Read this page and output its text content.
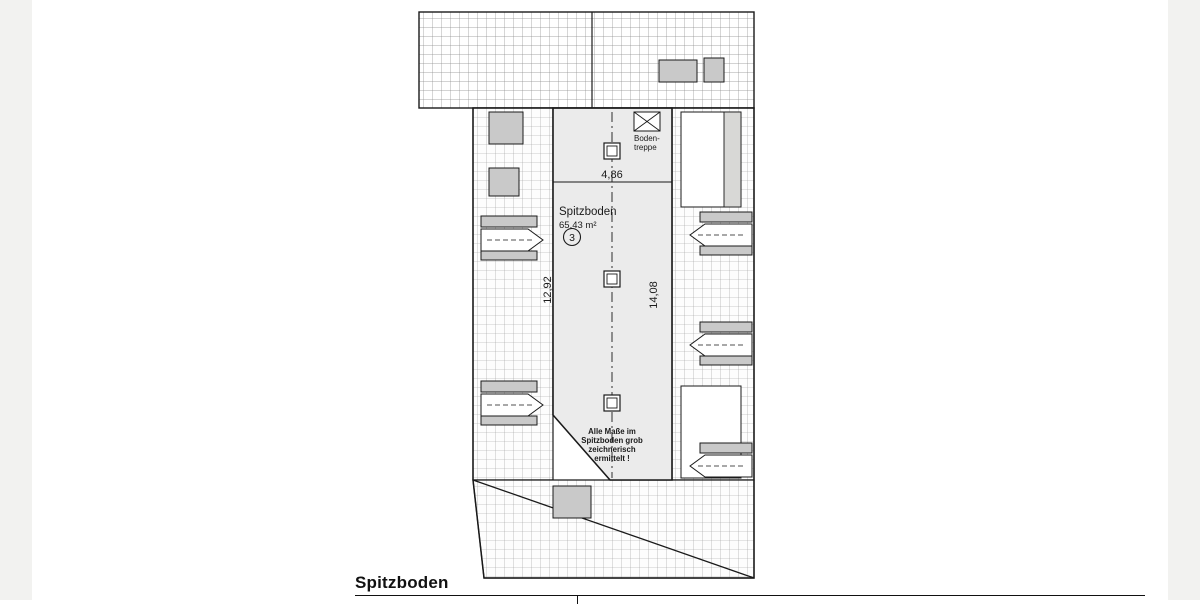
4,86
12,92	14,08
Spitzboden
65,43 m²
3
Boden-
treppe
Alle Maße im
Spitzboden grob
zeichnerisch
ermittelt !
Spitzboden
